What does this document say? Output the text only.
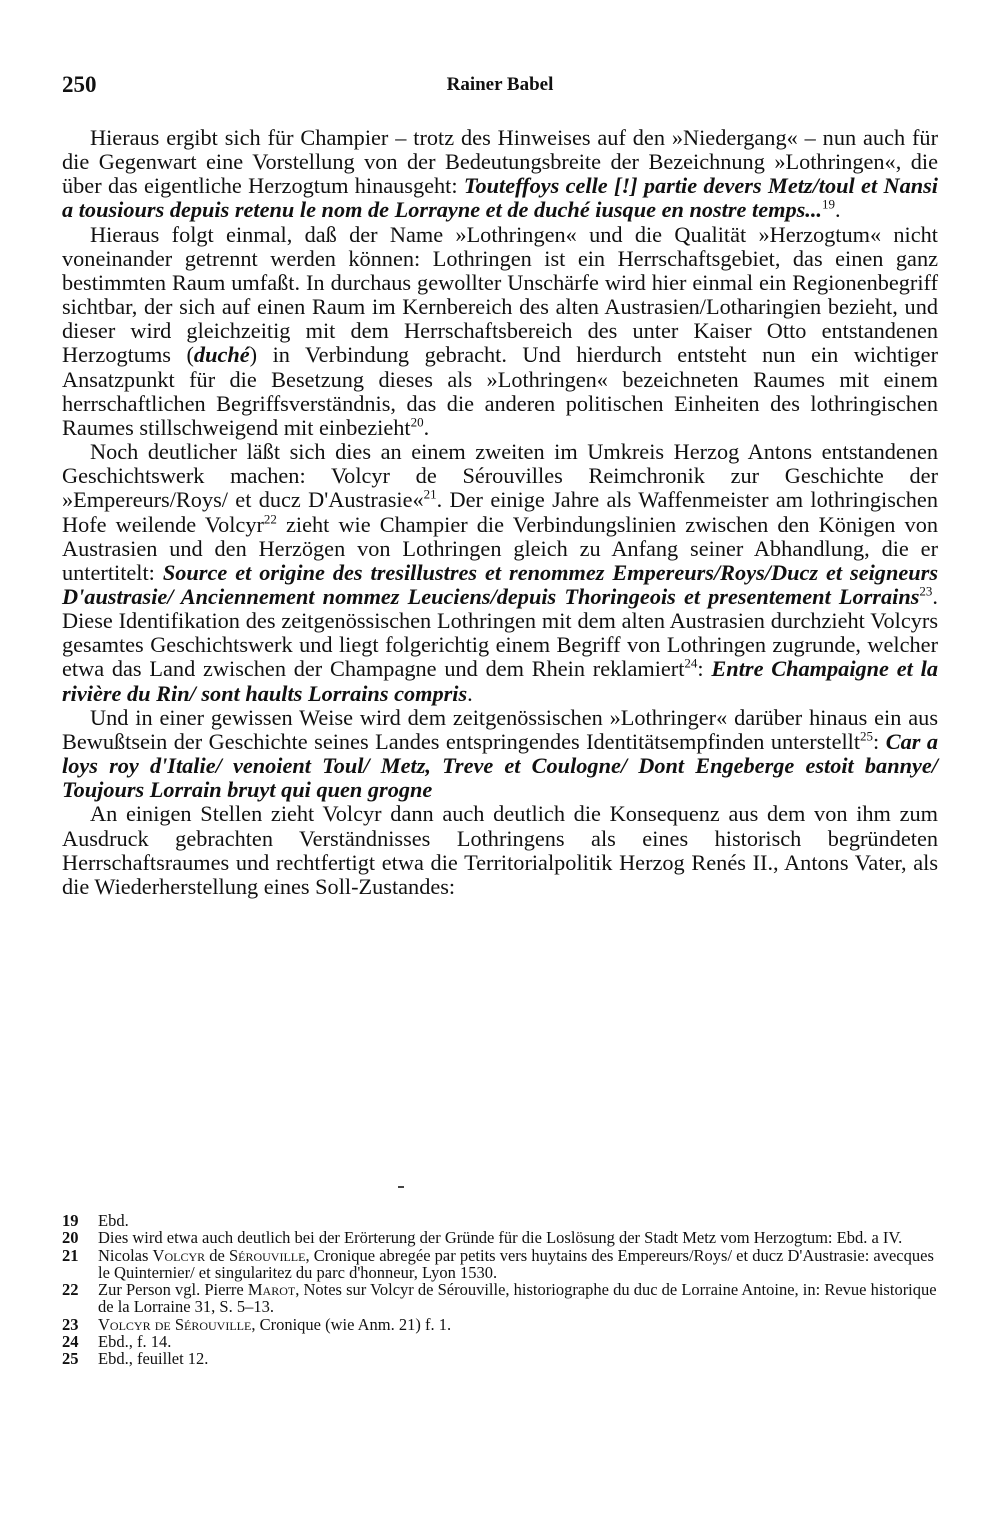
250	Rainer Babel

Hieraus ergibt sich für Champier – trotz des Hinweises auf den »Niedergang« – nun auch für die Gegenwart eine Vorstellung von der Bedeutungsbreite der Bezeichnung »Lothringen«, die über das eigentliche Herzogtum hinausgeht: Touteffoys celle [!] partie devers Metz/toul et Nansi a tousiours depuis retenu le nom de Lorrayne et de duché iusque en nostre temps...$^{19}$.

Hieraus folgt einmal, daß der Name »Lothringen« und die Qualität »Herzogtum« nicht voneinander getrennt werden können: Lothringen ist ein Herrschaftsgebiet, das einen ganz bestimmten Raum umfaßt. In durchaus gewollter Unschärfe wird hier einmal ein Regionenbegriff sichtbar, der sich auf einen Raum im Kernbereich des alten Austrasien/Lotharingien bezieht, und dieser wird gleichzeitig mit dem Herrschaftsbereich des unter Kaiser Otto entstandenen Herzogtums (duché) in Verbindung gebracht. Und hierdurch entsteht nun ein wichtiger Ansatzpunkt für die Besetzung dieses als »Lothringen« bezeichneten Raumes mit einem herrschaftlichen Begriffsverständnis, das die anderen politischen Einheiten des lothringischen Raumes stillschweigend mit einbezieht$^{20}$.

Noch deutlicher läßt sich dies an einem zweiten im Umkreis Herzog Antons entstandenen Geschichtswerk machen: Volcyr de Sérouvilles Reimchronik zur Geschichte der »Empereurs/Roys/ et ducz D'Austrasie«$^{21}$. Der einige Jahre als Waffenmeister am lothringischen Hofe weilende Volcyr$^{22}$ zieht wie Champier die Verbindungslinien zwischen den Königen von Austrasien und den Herzögen von Lothringen gleich zu Anfang seiner Abhandlung, die er untertitelt: Source et origine des tresillustres et renommez Empereurs/Roys/Ducz et seigneurs D'austrasie/ Anciennement nommez Leuciens/depuis Thoringeois et presentement Lorrains$^{23}$. Diese Identifikation des zeitgenössischen Lothringen mit dem alten Austrasien durchzieht Volcyrs gesamtes Geschichtswerk und liegt folgerichtig einem Begriff von Lothringen zugrunde, welcher etwa das Land zwischen der Champagne und dem Rhein reklamiert$^{24}$: Entre Champaigne et la rivière du Rin/ sont haults Lorrains compris.

Und in einer gewissen Weise wird dem zeitgenössischen »Lothringer« darüber hinaus ein aus Bewußtsein der Geschichte seines Landes entspringendes Identitätsempfinden unterstellt$^{25}$: Car a loys roy d'Italie/ venoient Toul/ Metz, Treve et Coulogne/ Dont Engeberge estoit bannye/ Toujours Lorrain bruyt qui quen grogne

An einigen Stellen zieht Volcyr dann auch deutlich die Konsequenz aus dem von ihm zum Ausdruck gebrachten Verständnisses Lothringens als eines historisch begründeten Herrschaftsraumes und rechtfertigt etwa die Territorialpolitik Herzog Renés II., Antons Vater, als die Wiederherstellung eines Soll-Zustandes:

19	Ebd.
20	Dies wird etwa auch deutlich bei der Erörterung der Gründe für die Loslösung der Stadt Metz vom Herzogtum: Ebd. a IV.
21	Nicolas Volcyr de Sérouville, Cronique abregée par petits vers huytains des Empereurs/Roys/ et ducz D'Austrasie: avecques le Quinternier/ et singularitez du parc d'honneur, Lyon 1530.
22	Zur Person vgl. Pierre Marot, Notes sur Volcyr de Sérouville, historiographe du duc de Lorraine Antoine, in: Revue historique de la Lorraine 31, S. 5–13.
23	Volcyr de Sérouville, Cronique (wie Anm. 21) f. 1.
24	Ebd., f. 14.
25	Ebd., feuillet 12.
